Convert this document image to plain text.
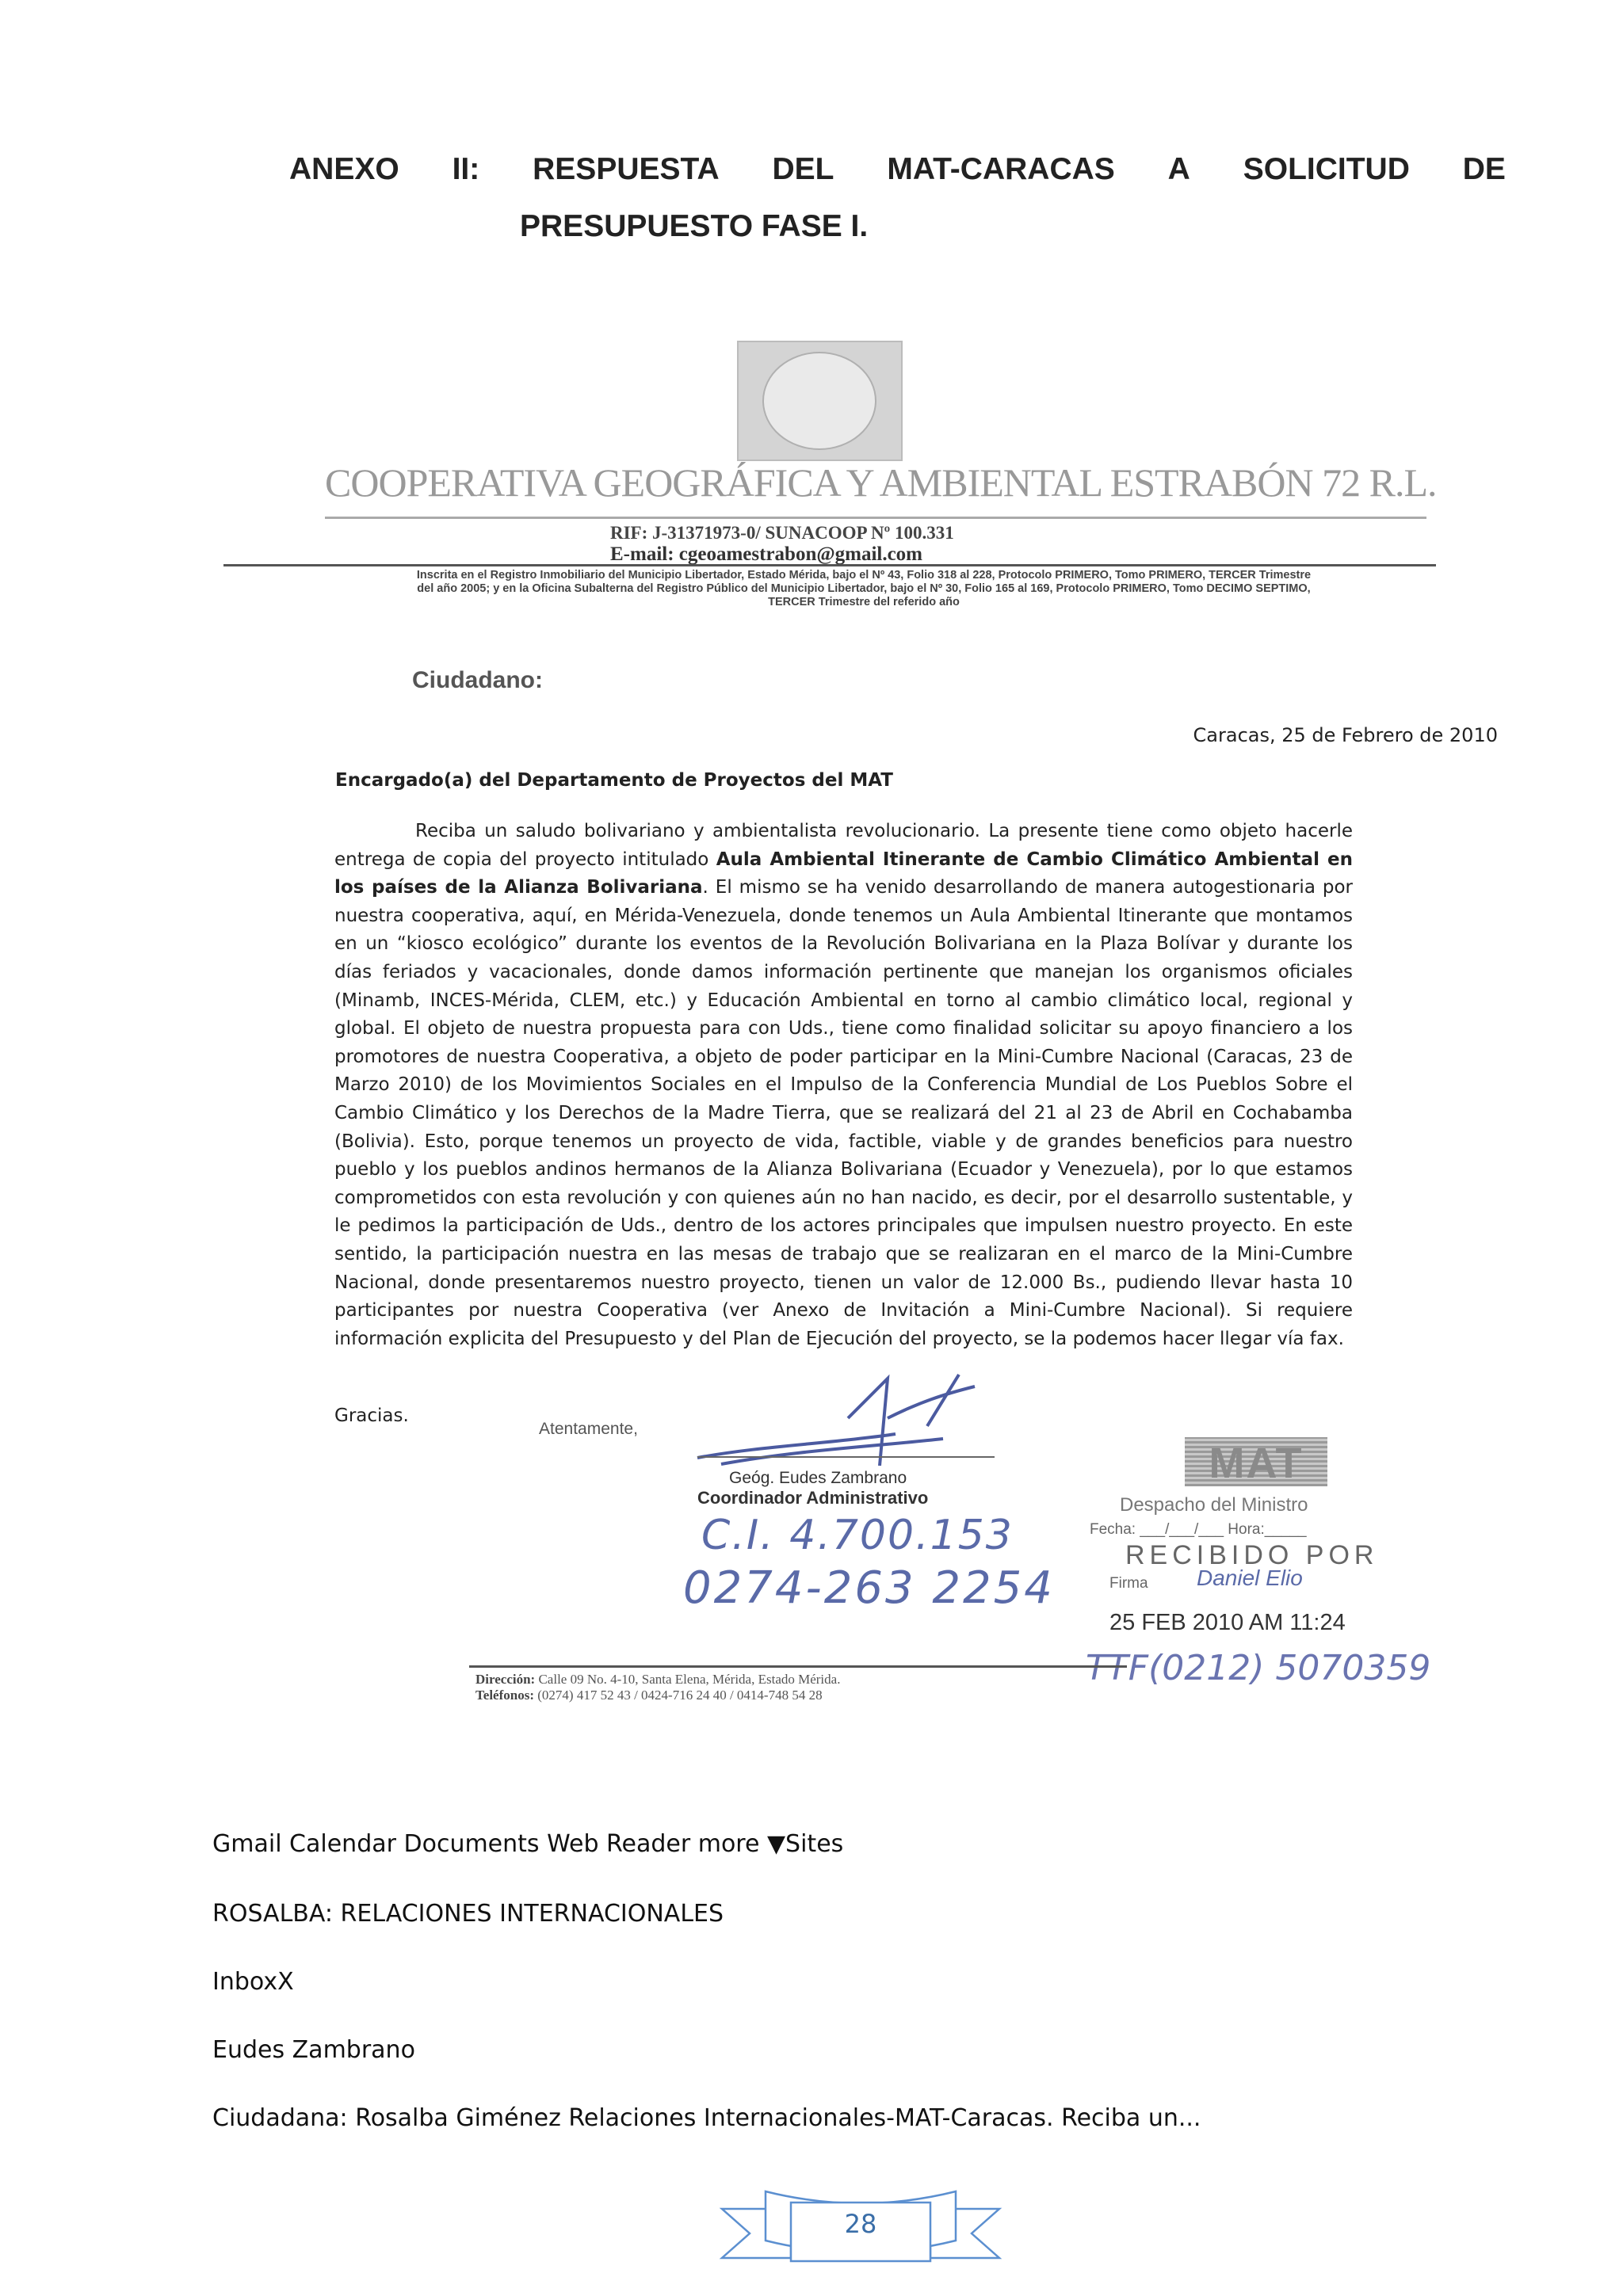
ANEXO II: RESPUESTA DEL MAT-CARACAS A SOLICITUD DE
PRESUPUESTO FASE I.
COOPERATIVA GEOGRÁFICA Y AMBIENTAL ESTRABÓN 72 R.L.
RIF: J-31371973-0/ SUNACOOP Nº 100.331
E-mail: cgeoamestrabon@gmail.com
Inscrita en el Registro Inmobiliario del Municipio Libertador, Estado Mérida, bajo el Nº 43, Folio 318 al 228, Protocolo PRIMERO, Tomo PRIMERO, TERCER Trimestre del año 2005; y en la Oficina Subalterna del Registro Público del Municipio Libertador, bajo el Nº 30, Folio 165 al 169, Protocolo PRIMERO, Tomo DECIMO SEPTIMO, TERCER Trimestre del referido año
Ciudadano:
Caracas, 25 de Febrero de 2010
Encargado(a) del Departamento de Proyectos del MAT
Reciba un saludo bolivariano y ambientalista revolucionario. La presente tiene como objeto hacerle entrega de copia del proyecto intitulado Aula Ambiental Itinerante de Cambio Climático Ambiental en los países de la Alianza Bolivariana. El mismo se ha venido desarrollando de manera autogestionaria por nuestra cooperativa, aquí, en Mérida-Venezuela, donde tenemos un Aula Ambiental Itinerante que montamos en un “kiosco ecológico” durante los eventos de la Revolución Bolivariana en la Plaza Bolívar y durante los días feriados y vacacionales, donde damos información pertinente que manejan los organismos oficiales (Minamb, INCES-Mérida, CLEM, etc.) y Educación Ambiental en torno al cambio climático local, regional y global. El objeto de nuestra propuesta para con Uds., tiene como finalidad solicitar su apoyo financiero a los promotores de nuestra Cooperativa, a objeto de poder participar en la Mini-Cumbre Nacional (Caracas, 23 de Marzo 2010) de los Movimientos Sociales en el Impulso de la Conferencia Mundial de Los Pueblos Sobre el Cambio Climático y los Derechos de la Madre Tierra, que se realizará del 21 al 23 de Abril en Cochabamba (Bolivia). Esto, porque tenemos un proyecto de vida, factible, viable y de grandes beneficios para nuestro pueblo y los pueblos andinos hermanos de la Alianza Bolivariana (Ecuador y Venezuela), por lo que estamos comprometidos con esta revolución y con quienes aún no han nacido, es decir, por el desarrollo sustentable, y le pedimos la participación de Uds., dentro de los actores principales que impulsen nuestro proyecto. En este sentido, la participación nuestra en las mesas de trabajo que se realizaran en el marco de la Mini-Cumbre Nacional, donde presentaremos nuestro proyecto, tienen un valor de 12.000 Bs., pudiendo llevar hasta 10 participantes por nuestra Cooperativa (ver Anexo de Invitación a Mini-Cumbre Nacional). Si requiere información explicita del Presupuesto y del Plan de Ejecución del proyecto, se la podemos hacer llegar vía fax.
Gracias.
Atentamente,
Geóg. Eudes Zambrano
Coordinador Administrativo
C.I. 4.700.153
0274-263 2254
TTF(0212) 5070359
MAT
Despacho del Ministro
Fecha: ___/___/___ Hora:_____
RECIBIDO POR
Firma Daniel Elio
25 FEB 2010 AM 11:24
Dirección: Calle 09 No. 4-10, Santa Elena, Mérida, Estado Mérida.
Teléfonos: (0274) 417 52 43 / 0424-716 24 40 / 0414-748 54 28
Gmail Calendar Documents Web Reader more ▼Sites
ROSALBA: RELACIONES INTERNACIONALES
InboxX
Eudes Zambrano
Ciudadana: Rosalba Giménez Relaciones Internacionales-MAT-Caracas. Reciba un...
28
